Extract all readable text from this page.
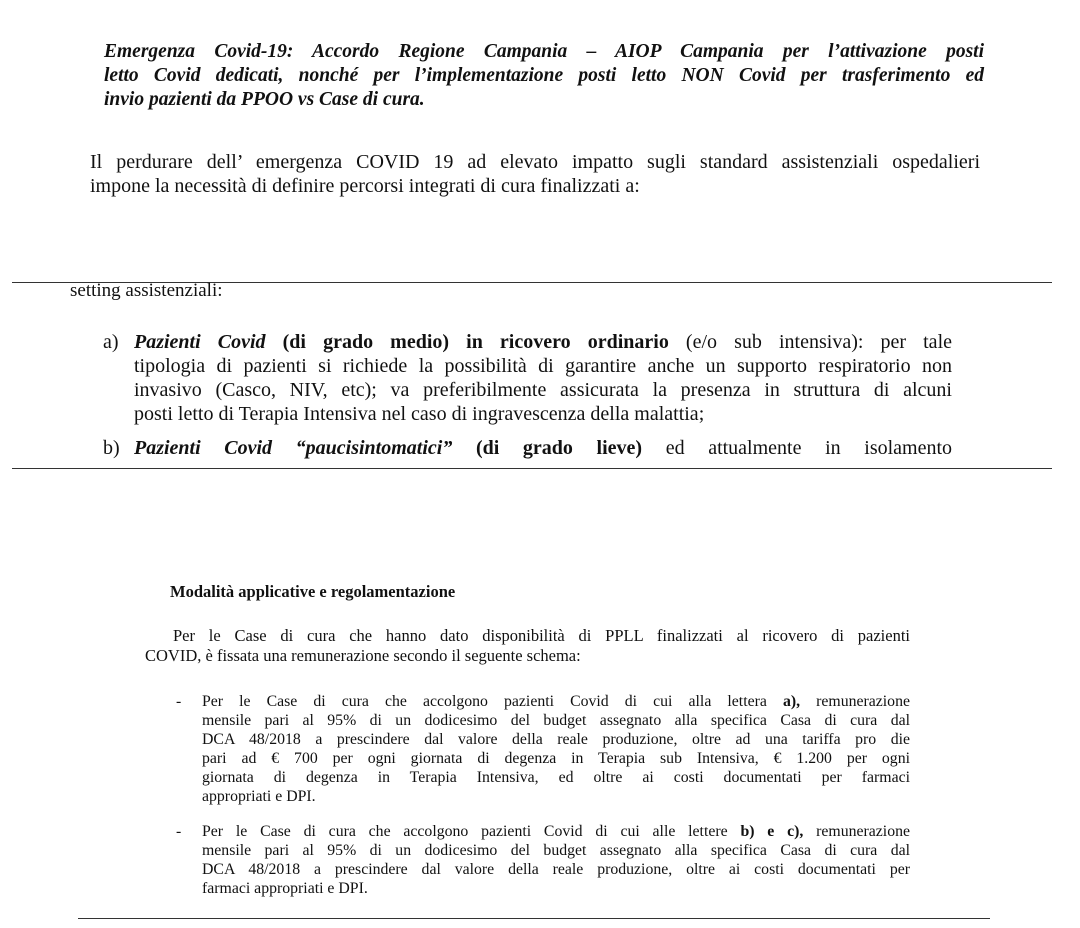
Emergenza Covid-19: Accordo Regione Campania – AIOP Campania per l’attivazione posti
letto Covid dedicati, nonché per l’implementazione posti letto NON Covid per trasferimento ed
invio pazienti da PPOO vs Case di cura.
Il perdurare dell’ emergenza COVID 19 ad elevato impatto sugli standard assistenziali ospedalieri
impone la necessità di definire percorsi integrati di cura finalizzati a:
setting assistenziali:
a) Pazienti Covid (di grado medio) in ricovero ordinario (e/o sub intensiva): per tale
tipologia di pazienti si richiede la possibilità di garantire anche un supporto respiratorio non
invasivo (Casco, NIV, etc); va preferibilmente assicurata la presenza in struttura di alcuni
posti letto di Terapia Intensiva nel caso di ingravescenza della malattia;
b) Pazienti Covid “paucisintomatici” (di grado lieve) ed attualmente in isolamento
Modalità applicative e regolamentazione
Per le Case di cura che hanno dato disponibilità di PPLL finalizzati al ricovero di pazienti
COVID, è fissata una remunerazione secondo il seguente schema:
- Per le Case di cura che accolgono pazienti Covid di cui alla lettera a), remunerazione
mensile pari al 95% di un dodicesimo del budget assegnato alla specifica Casa di cura dal
DCA 48/2018 a prescindere dal valore della reale produzione, oltre ad una tariffa pro die
pari ad € 700 per ogni giornata di degenza in Terapia sub Intensiva, € 1.200 per ogni
giornata di degenza in Terapia Intensiva, ed oltre ai costi documentati per farmaci
appropriati e DPI.
- Per le Case di cura che accolgono pazienti Covid di cui alle lettere b) e c), remunerazione
mensile pari al 95% di un dodicesimo del budget assegnato alla specifica Casa di cura dal
DCA 48/2018 a prescindere dal valore della reale produzione, oltre ai costi documentati per
farmaci appropriati e DPI.
